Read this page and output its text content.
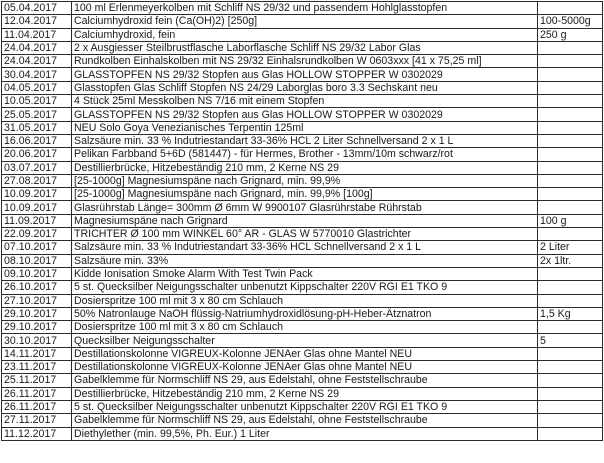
05.04.2017	100 ml Erlenmeyerkolben mit Schliff NS 29/32 und passendem Hohlglasstopfen	
12.04.2017	Calciumhydroxid fein (Ca(OH)2) [250g]	100-5000g
11.04.2017	Calciumhydroxid, fein	250 g
24.04.2017	2 x Ausgiesser Steilbrustflasche Laborflasche Schliff NS 29/32 Labor Glas	
24.04.2017	Rundkolben Einhalskolben mit NS 29/32 Einhalsrundkolben W 0603xxx [41 x 75,25 ml]	
30.04.2017	GLASSTOPFEN NS 29/32 Stopfen aus Glas HOLLOW STOPPER W 0302029	
04.05.2017	Glasstopfen Glas Schliff Stopfen NS 24/29 Laborglas boro 3.3 Sechskant neu	
10.05.2017	4 Stück 25ml Messkolben NS 7/16 mit einem Stopfen	
25.05.2017	GLASSTOPFEN NS 29/32 Stopfen aus Glas HOLLOW STOPPER W 0302029	
31.05.2017	NEU Solo Goya Venezianisches Terpentin 125ml	
16.06.2017	Salzsäure min. 33 % Indutriestandart 33-36% HCL 2 Liter Schnellversand 2 x 1 L	
20.06.2017	Pelikan Farbband 5+6D (581447) - für Hermes, Brother - 13mm/10m schwarz/rot	
03.07.2017	Destillierbrücke, Hitzebeständig 210 mm, 2 Kerne NS 29	
27.08.2017	[25-1000g] Magnesiumspäne nach Grignard, min. 99,9%	
10.09.2017	[25-1000g] Magnesiumspäne nach Grignard, min. 99,9% [100g]	
10.09.2017	Glasrührstab Länge= 300mm Ø 6mm W 9900107 Glasrührstabe Rührstab	
11.09.2017	Magnesiumspäne nach Grignard	100 g
22.09.2017	TRICHTER Ø 100 mm WINKEL 60° AR - GLAS W 5770010 Glastrichter	
07.10.2017	Salzsäure min. 33 % Indutriestandart 33-36% HCL Schnellversand 2 x 1 L	2 Liter
08.10.2017	Salzsäure min. 33%	2x 1ltr.
09.10.2017	Kidde Ionisation Smoke Alarm With Test Twin Pack	
26.10.2017	5 st. Quecksilber Neigungsschalter unbenutzt Kippschalter 220V RGI E1 TKO 9	
27.10.2017	Dosierspritze 100 ml mit 3 x 80 cm Schlauch	
29.10.2017	50% Natronlauge NaOH flüssig-Natriumhydroxidlösung-pH-Heber-Ätznatron	1,5 Kg
29.10.2017	Dosierspritze 100 ml mit 3 x 80 cm Schlauch	
30.10.2017	Quecksilber Neigungsschalter	5
14.11.2017	Destillationskolonne VIGREUX-Kolonne JENAer Glas ohne Mantel NEU	
23.11.2017	Destillationskolonne VIGREUX-Kolonne JENAer Glas ohne Mantel NEU	
25.11.2017	Gabelklemme für Normschliff NS 29, aus Edelstahl, ohne Feststellschraube	
26.11.2017	Destillierbrücke, Hitzebeständig 210 mm, 2 Kerne NS 29	
26.11.2017	5 st. Quecksilber Neigungsschalter unbenutzt Kippschalter 220V RGI E1 TKO 9	
27.11.2017	Gabelklemme für Normschliff NS 29, aus Edelstahl, ohne Feststellschraube	
11.12.2017	Diethylether (min. 99,5%, Ph. Eur.) 1 Liter	
